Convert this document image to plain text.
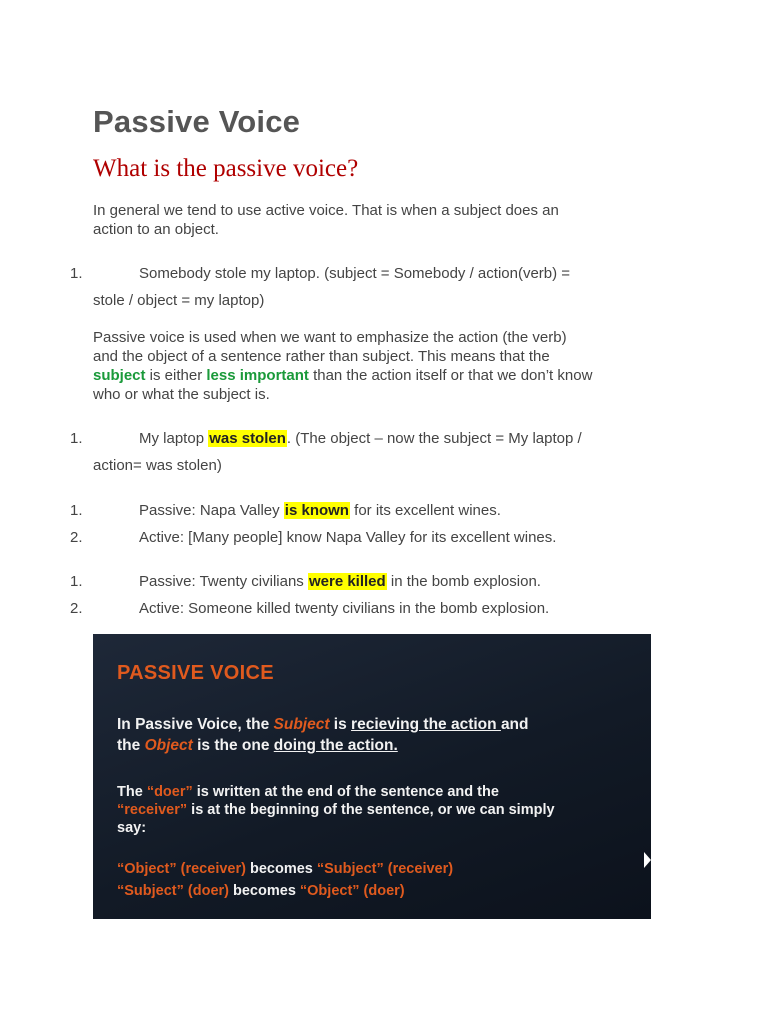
Passive Voice
What is the passive voice?
In general we tend to use active voice. That is when a subject does an
action to an object.
1.	Somebody stole my laptop. (subject = Somebody / action(verb) =
stole / object = my laptop)
Passive voice is used when we want to emphasize the action (the verb)
and the object of a sentence rather than subject. This means that the
subject is either less important than the action itself or that we don’t know
who or what the subject is.
1.	My laptop was stolen. (The object – now the subject = My laptop /
action= was stolen)
1.	Passive: Napa Valley is known for its excellent wines.
2.	Active: [Many people] know Napa Valley for its excellent wines.
1.	Passive: Twenty civilians were killed in the bomb explosion.
2.	Active: Someone killed twenty civilians in the bomb explosion.
PASSIVE VOICE
In Passive Voice, the Subject is recieving the action and
the Object is the one doing the action.
The “doer” is written at the end of the sentence and the
“receiver” is at the beginning of the sentence, or we can simply
say:
“Object” (receiver) becomes “Subject” (receiver)
“Subject” (doer) becomes “Object” (doer)
